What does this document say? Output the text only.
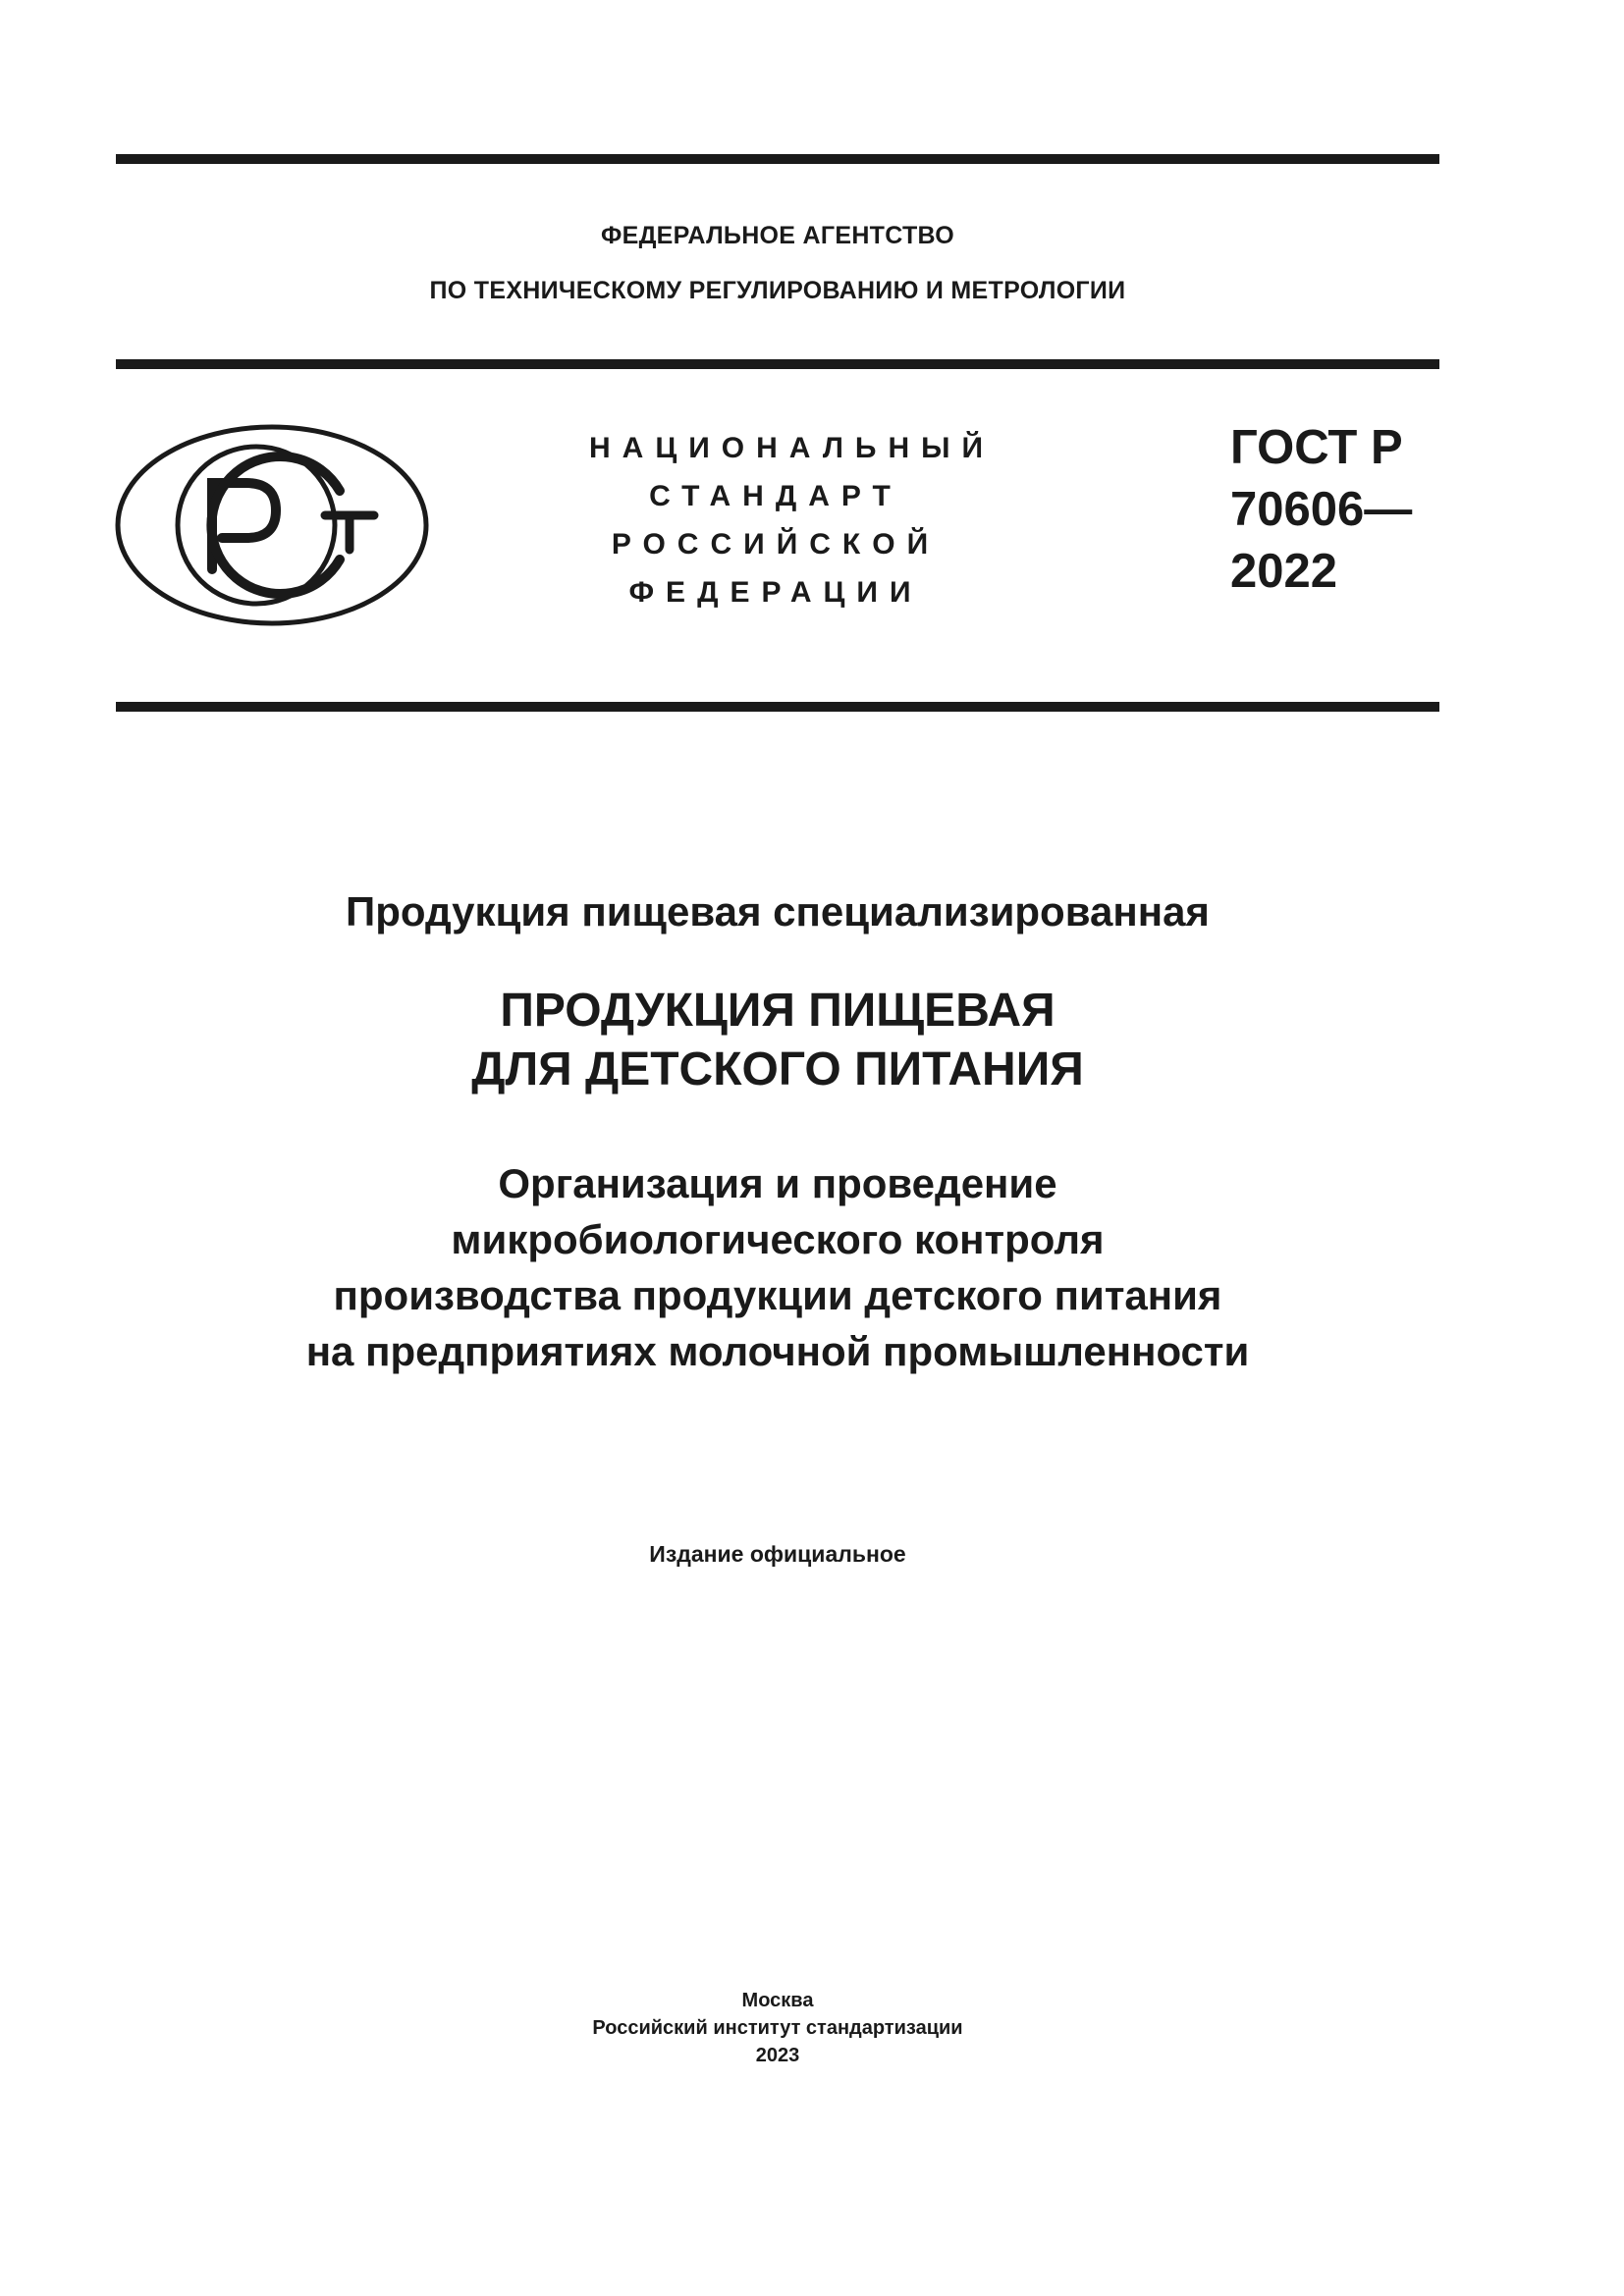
ФЕДЕРАЛЬНОЕ АГЕНТСТВО

ПО ТЕХНИЧЕСКОМУ РЕГУЛИРОВАНИЮ И МЕТРОЛОГИИ

РСТ
НАЦИОНАЛЬНЫЙ
СТАНДАРТ
РОССИЙСКОЙ
ФЕДЕРАЦИИ
ГОСТ Р
70606—
2022
Продукция пищевая специализированная
ПРОДУКЦИЯ ПИЩЕВАЯ
ДЛЯ ДЕТСКОГО ПИТАНИЯ
Организация и проведение
микробиологического контроля
производства продукции детского питания
на предприятиях молочной промышленности
Издание официальное
Москва
Российский институт стандартизации
2023
